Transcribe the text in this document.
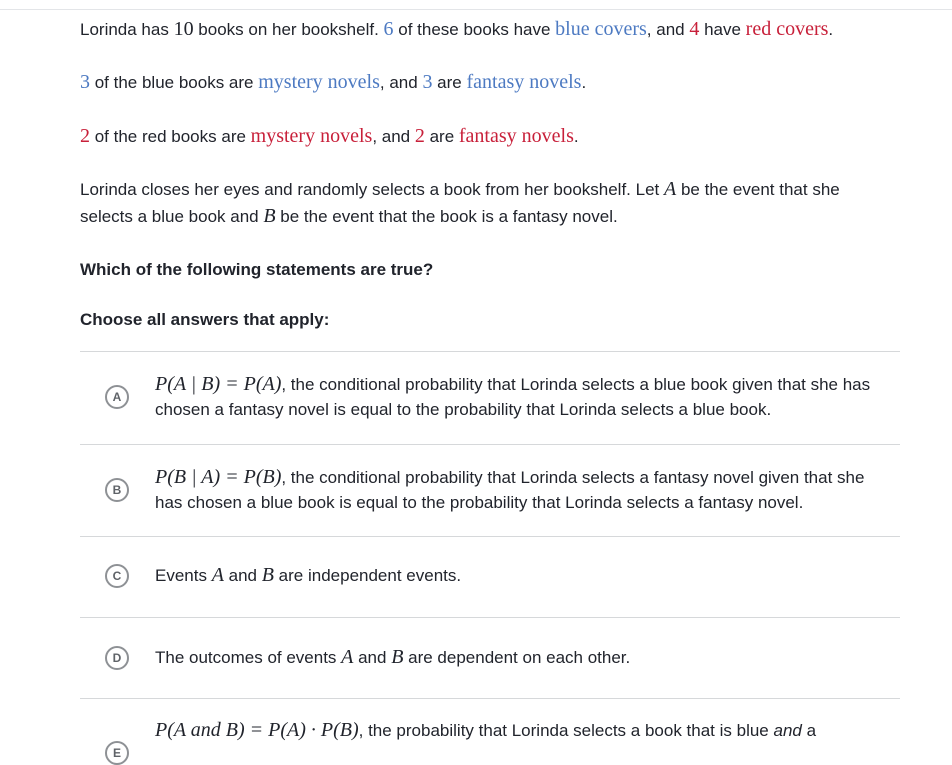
Lorinda has 10 books on her bookshelf. 6 of these books have blue covers, and 4 have red covers.
3 of the blue books are mystery novels, and 3 are fantasy novels.
2 of the red books are mystery novels, and 2 are fantasy novels.
Lorinda closes her eyes and randomly selects a book from her bookshelf. Let A be the event that she selects a blue book and B be the event that the book is a fantasy novel.
Which of the following statements are true?
Choose all answers that apply:
A
P(A | B) = P(A), the conditional probability that Lorinda selects a blue book given that she has chosen a fantasy novel is equal to the probability that Lorinda selects a blue book.
B
P(B | A) = P(B), the conditional probability that Lorinda selects a fantasy novel given that she has chosen a blue book is equal to the probability that Lorinda selects a fantasy novel.
C	Events A and B are independent events.
D	The outcomes of events A and B are dependent on each other.
E
P(A and B) = P(A) · P(B), the probability that Lorinda selects a book that is blue and a
